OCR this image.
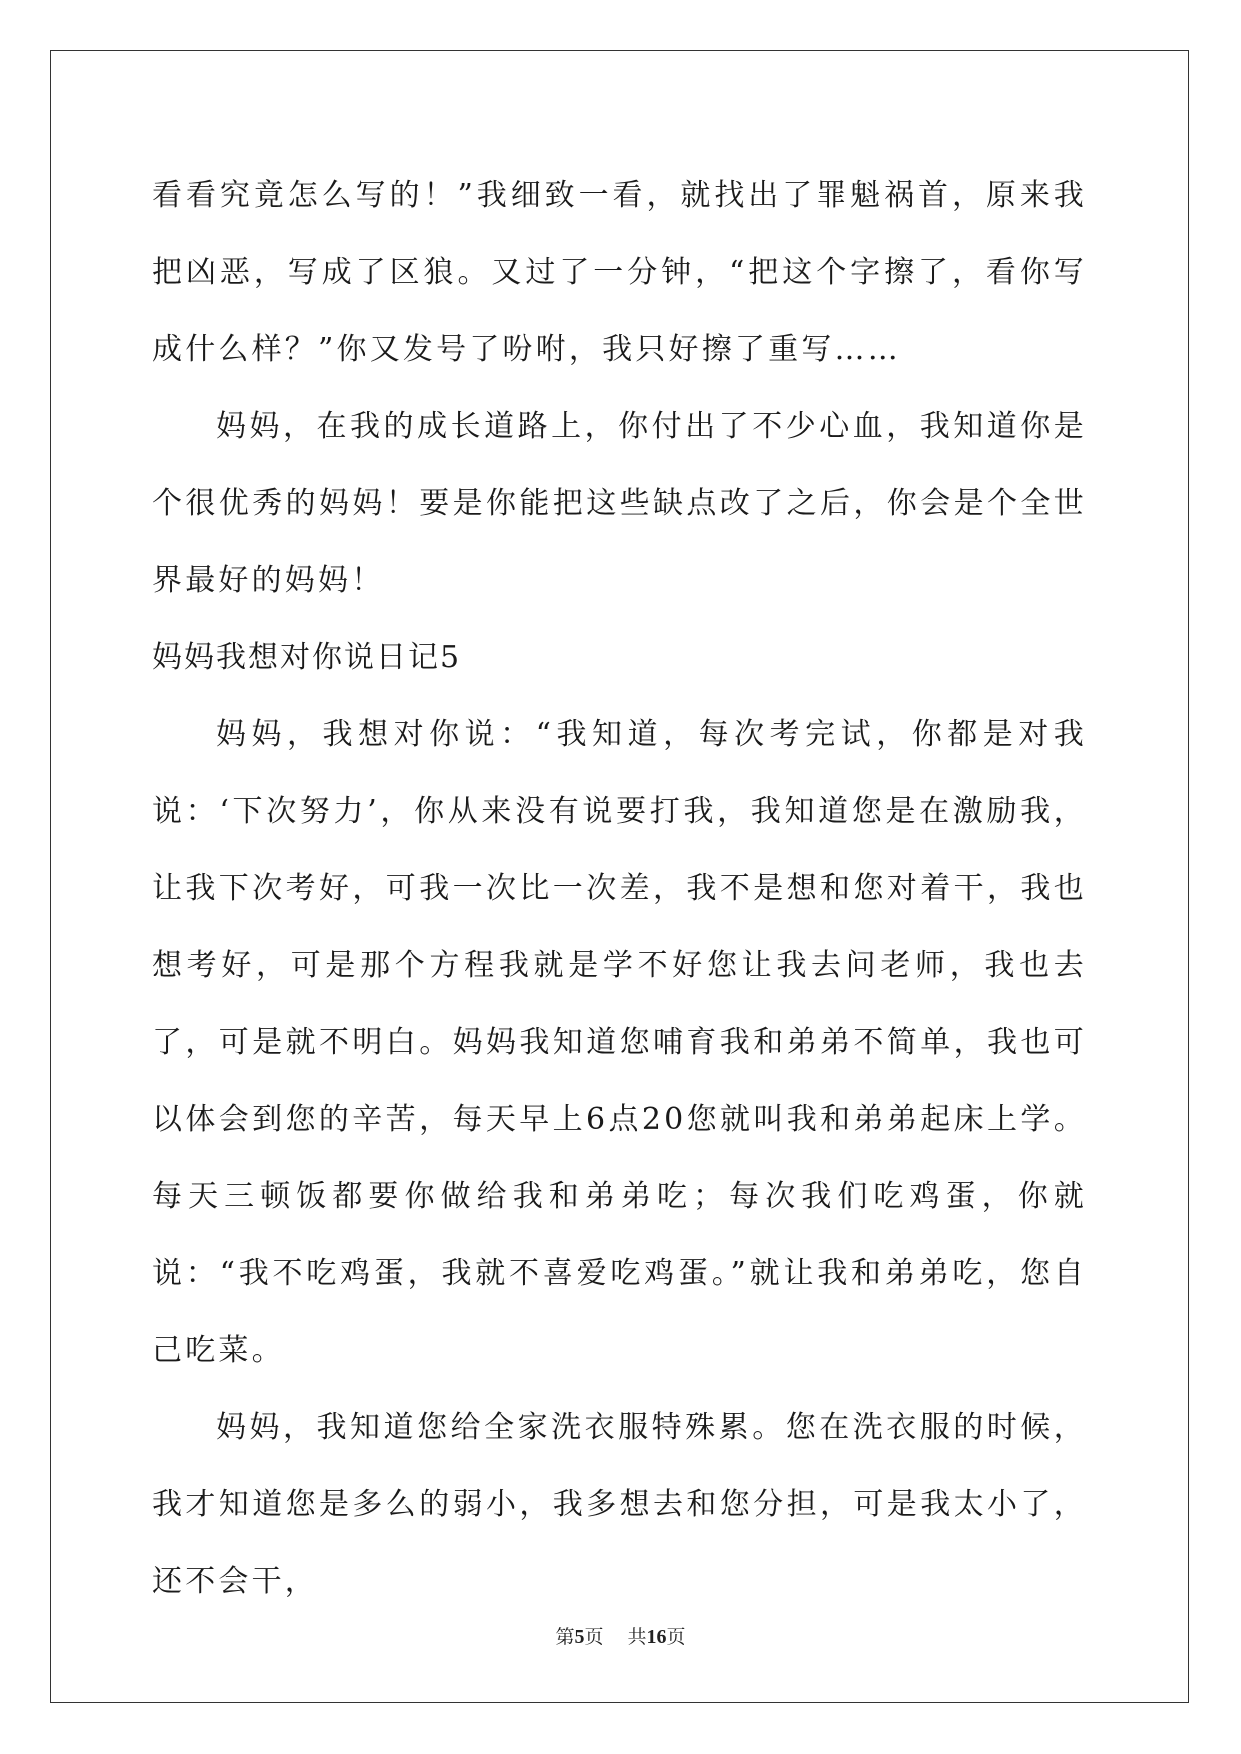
看看究竟怎么写的！”我细致一看，就找出了罪魁祸首，原来我把凶恶，写成了区狼。又过了一分钟，“把这个字擦了，看你写成什么样？”你又发号了吩咐，我只好擦了重写……

妈妈，在我的成长道路上，你付出了不少心血，我知道你是个很优秀的妈妈！要是你能把这些缺点改了之后，你会是个全世界最好的妈妈！

妈妈我想对你说日记5

妈妈，我想对你说：“我知道，每次考完试，你都是对我说：‘下次努力’，你从来没有说要打我，我知道您是在激励我，让我下次考好，可我一次比一次差，我不是想和您对着干，我也想考好，可是那个方程我就是学不好您让我去问老师，我也去了，可是就不明白。妈妈我知道您哺育我和弟弟不简单，我也可以体会到您的辛苦，每天早上6点20您就叫我和弟弟起床上学。每天三顿饭都要你做给我和弟弟吃；每次我们吃鸡蛋，你就说：“我不吃鸡蛋，我就不喜爱吃鸡蛋。”就让我和弟弟吃，您自己吃菜。

妈妈，我知道您给全家洗衣服特殊累。您在洗衣服的时候，我才知道您是多么的弱小，我多想去和您分担，可是我太小了，还不会干，

第5页 共16页
